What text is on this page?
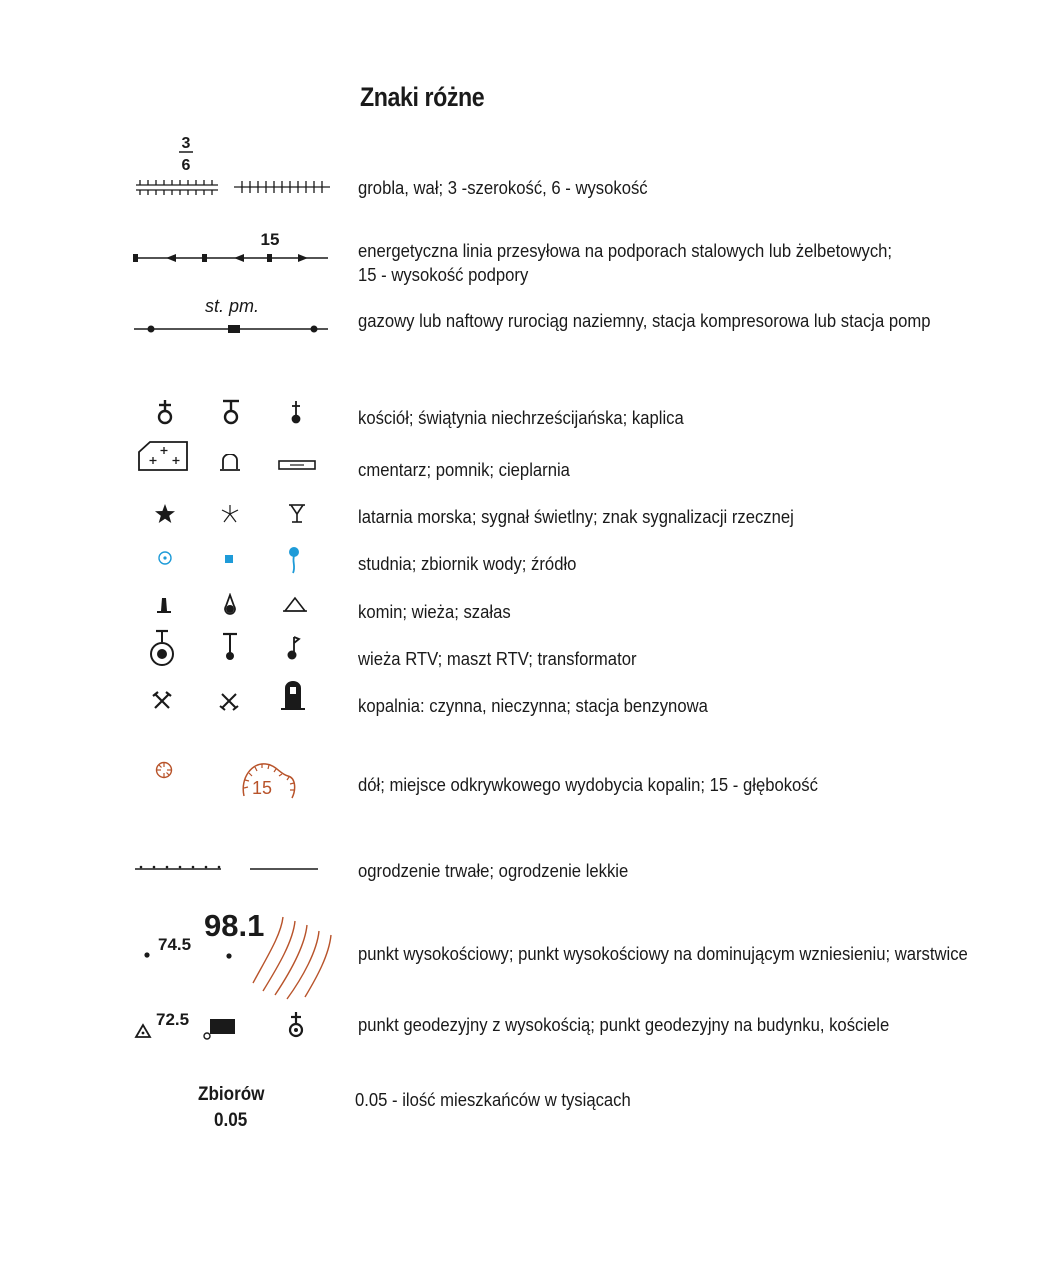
Znaki różne
3
6
grobla, wał; 3 -szerokość, 6 - wysokość
15
energetyczna linia przesyłowa na podporach stalowych lub żelbetowych;
15 - wysokość podpory
st. pm.
gazowy lub naftowy rurociąg naziemny, stacja kompresorowa lub stacja pomp
kościół; świątynia niechrześcijańska; kaplica
cmentarz; pomnik; cieplarnia
latarnia morska; sygnał świetlny; znak sygnalizacji rzecznej
studnia; zbiornik wody; źródło
komin; wieża; szałas
wieża RTV; maszt RTV; transformator
kopalnia: czynna, nieczynna; stacja benzynowa
15	dół; miejsce odkrywkowego wydobycia kopalin; 15 - głębokość
ogrodzenie trwałe; ogrodzenie lekkie
74.5
98.1
punkt wysokościowy; punkt wysokościowy na dominującym wzniesieniu; warstwice
72.5	punkt geodezyjny z wysokością; punkt geodezyjny na budynku, kościele
Zbiorów
0.05
0.05 - ilość mieszkańców w tysiącach
